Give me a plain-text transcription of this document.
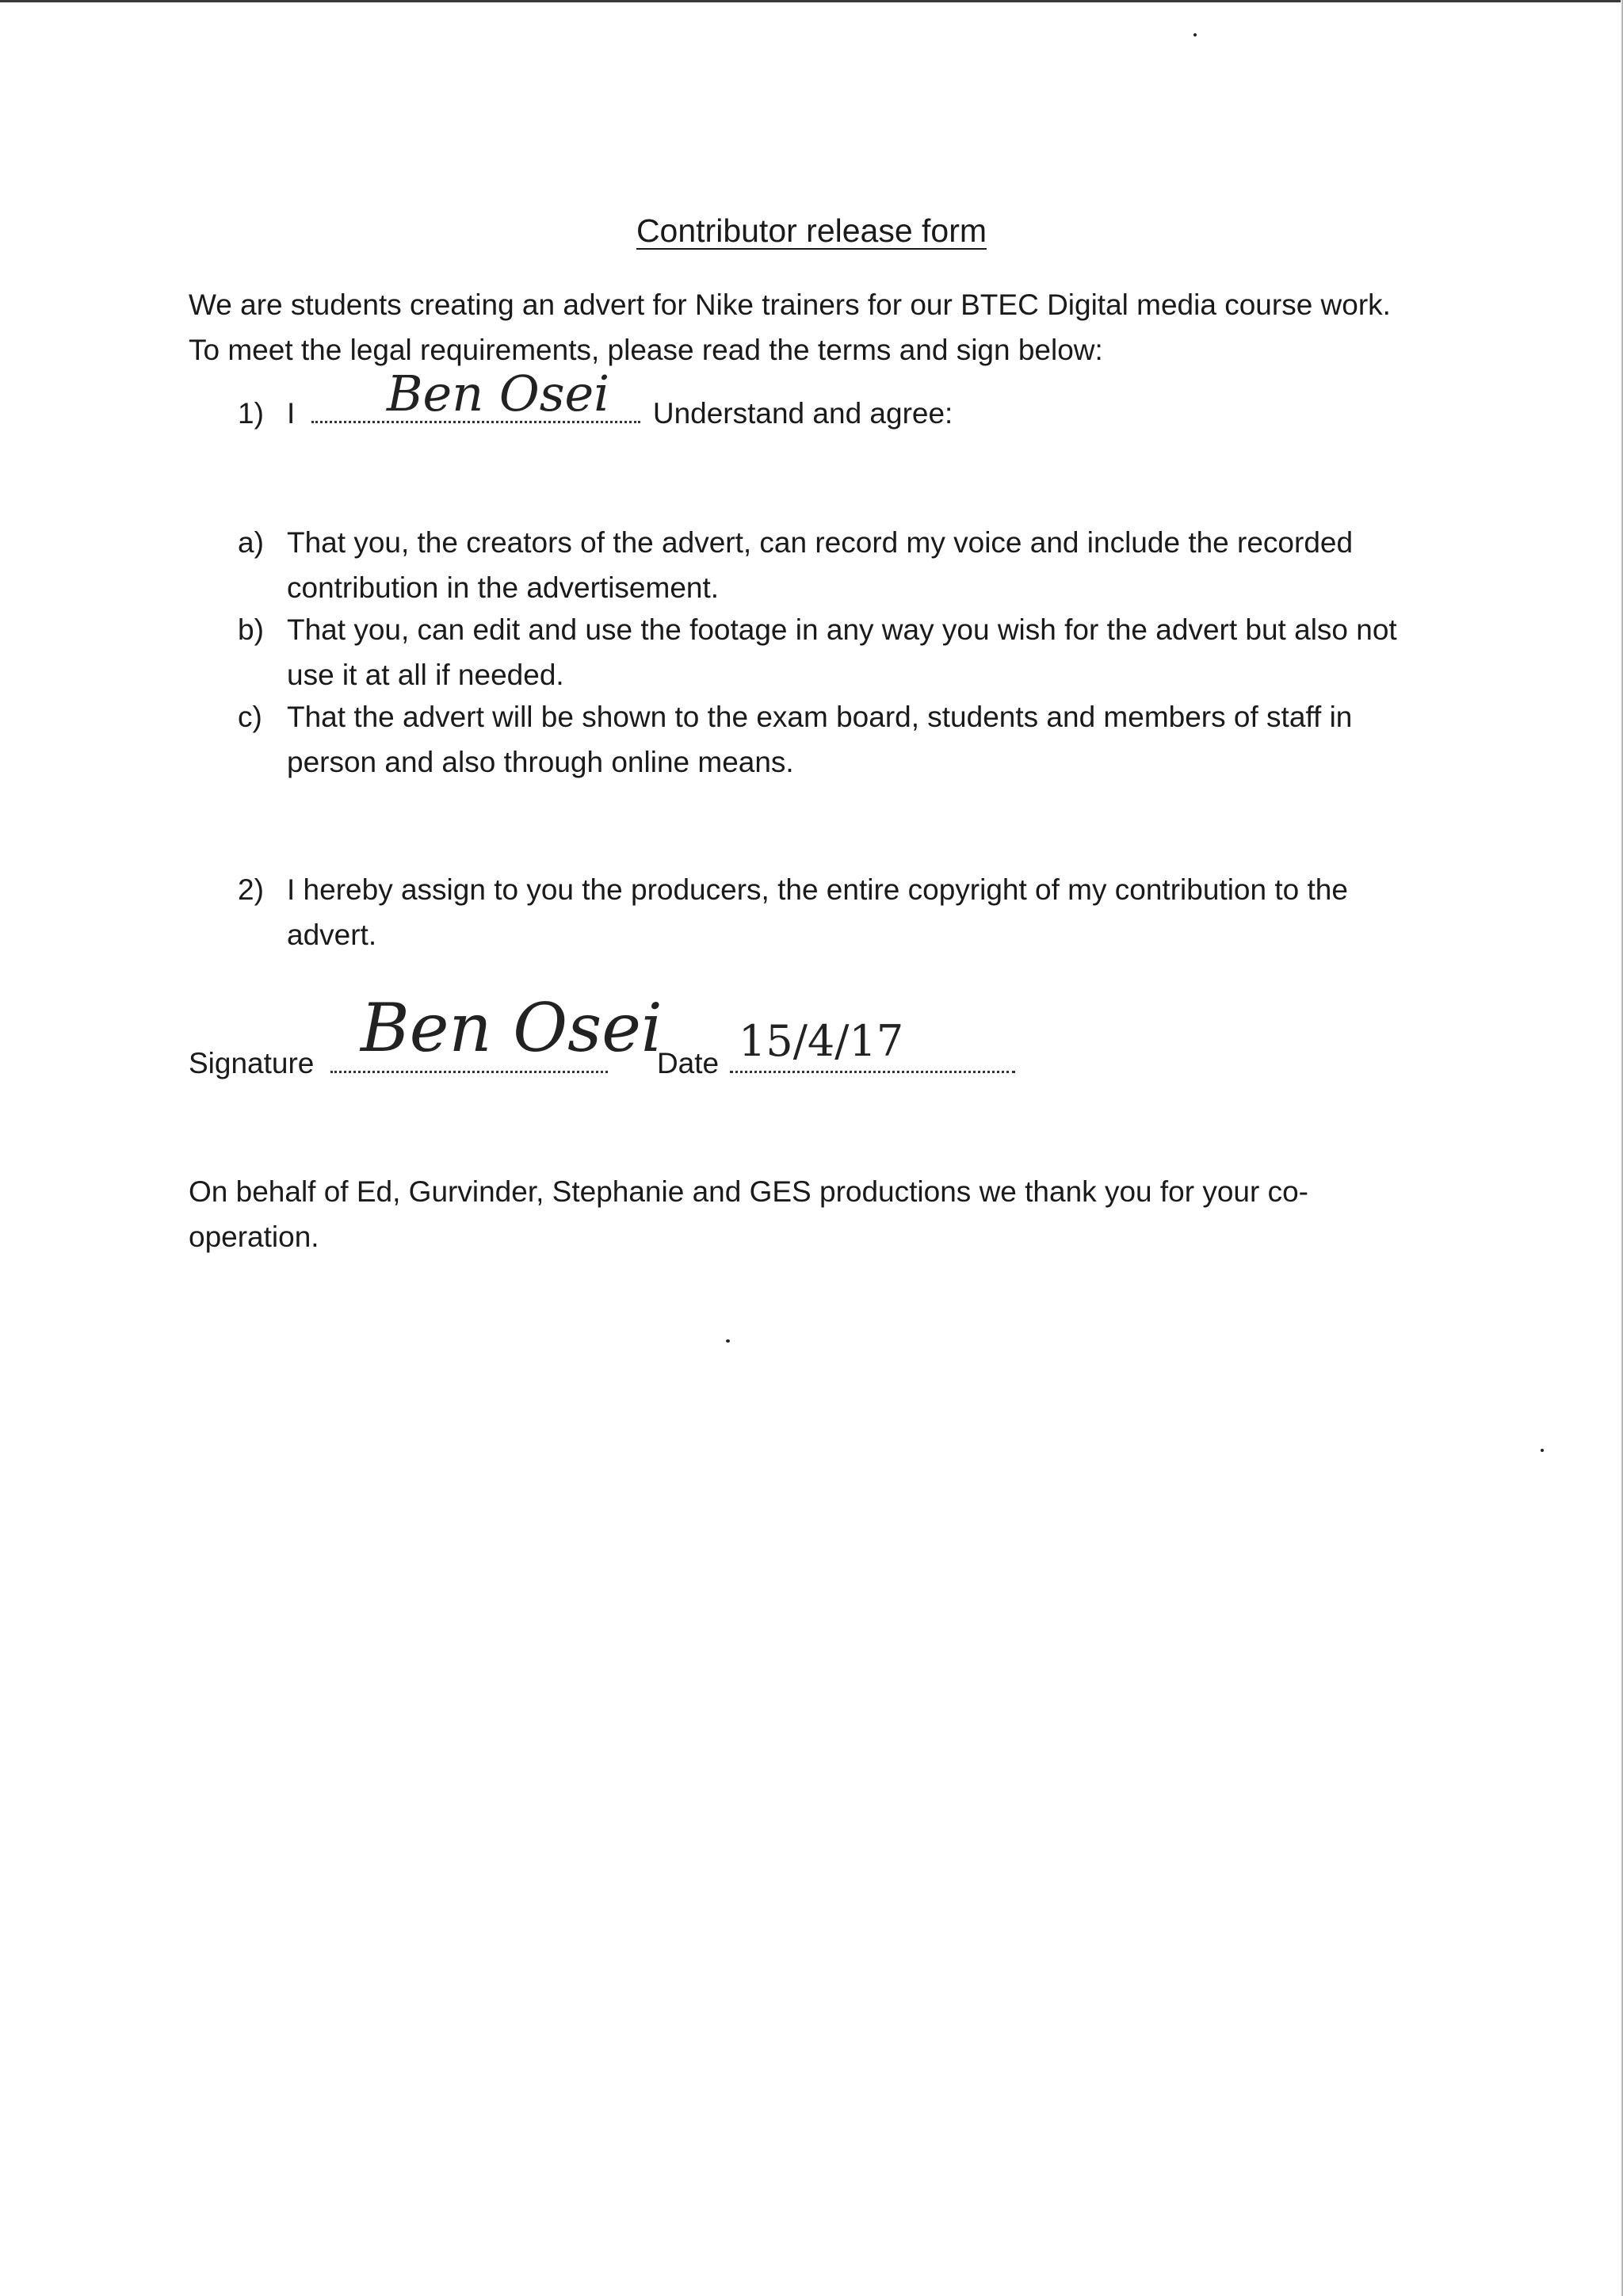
Contributor release form
We are students creating an advert for Nike trainers for our BTEC Digital media course work.
To meet the legal requirements, please read the terms and sign below:
1) I	Understand and agree:
Ben Osei
a) That you, the creators of the advert, can record my voice and include the recorded contribution in the advertisement.
b) That you, can edit and use the footage in any way you wish for the advert but also not use it at all if needed.
c) That the advert will be shown to the exam board, students and members of staff in person and also through online means.
2) I hereby assign to you the producers, the entire copyright of my contribution to the advert.
Signature	Date
Ben Osei 15/4/17
On behalf of Ed, Gurvinder, Stephanie and GES productions we thank you for your co-operation.
